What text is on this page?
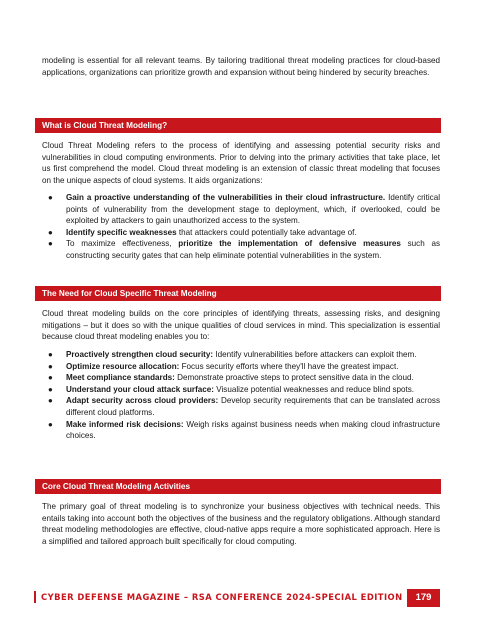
modeling is essential for all relevant teams. By tailoring traditional threat modeling practices for cloud-based applications, organizations can prioritize growth and expansion without being hindered by security breaches.

What is Cloud Threat Modeling?

Cloud Threat Modeling refers to the process of identifying and assessing potential security risks and vulnerabilities in cloud computing environments. Prior to delving into the primary activities that take place, let us first comprehend the model. Cloud threat modeling is an extension of classic threat modeling that focuses on the unique aspects of cloud systems. It aids organizations:

● Gain a proactive understanding of the vulnerabilities in their cloud infrastructure. Identify critical points of vulnerability from the development stage to deployment, which, if overlooked, could be exploited by attackers to gain unauthorized access to the system.
● Identify specific weaknesses that attackers could potentially take advantage of.
● To maximize effectiveness, prioritize the implementation of defensive measures such as constructing security gates that can help eliminate potential vulnerabilities in the system.
The Need for Cloud Specific Threat Modeling

Cloud threat modeling builds on the core principles of identifying threats, assessing risks, and designing mitigations – but it does so with the unique qualities of cloud services in mind. This specialization is essential because cloud threat modeling enables you to:

● Proactively strengthen cloud security: Identify vulnerabilities before attackers can exploit them.
● Optimize resource allocation: Focus security efforts where they'll have the greatest impact.
● Meet compliance standards: Demonstrate proactive steps to protect sensitive data in the cloud.
● Understand your cloud attack surface: Visualize potential weaknesses and reduce blind spots.
● Adapt security across cloud providers: Develop security requirements that can be translated across different cloud platforms.
● Make informed risk decisions: Weigh risks against business needs when making cloud infrastructure choices.
Core Cloud Threat Modeling Activities

The primary goal of threat modeling is to synchronize your business objectives with technical needs. This entails taking into account both the objectives of the business and the regulatory obligations. Although standard threat modeling methodologies are effective, cloud-native apps require a more sophisticated approach. Here is a simplified and tailored approach built specifically for cloud computing.

CYBER DEFENSE MAGAZINE – RSA CONFERENCE 2024-SPECIAL EDITION	179
